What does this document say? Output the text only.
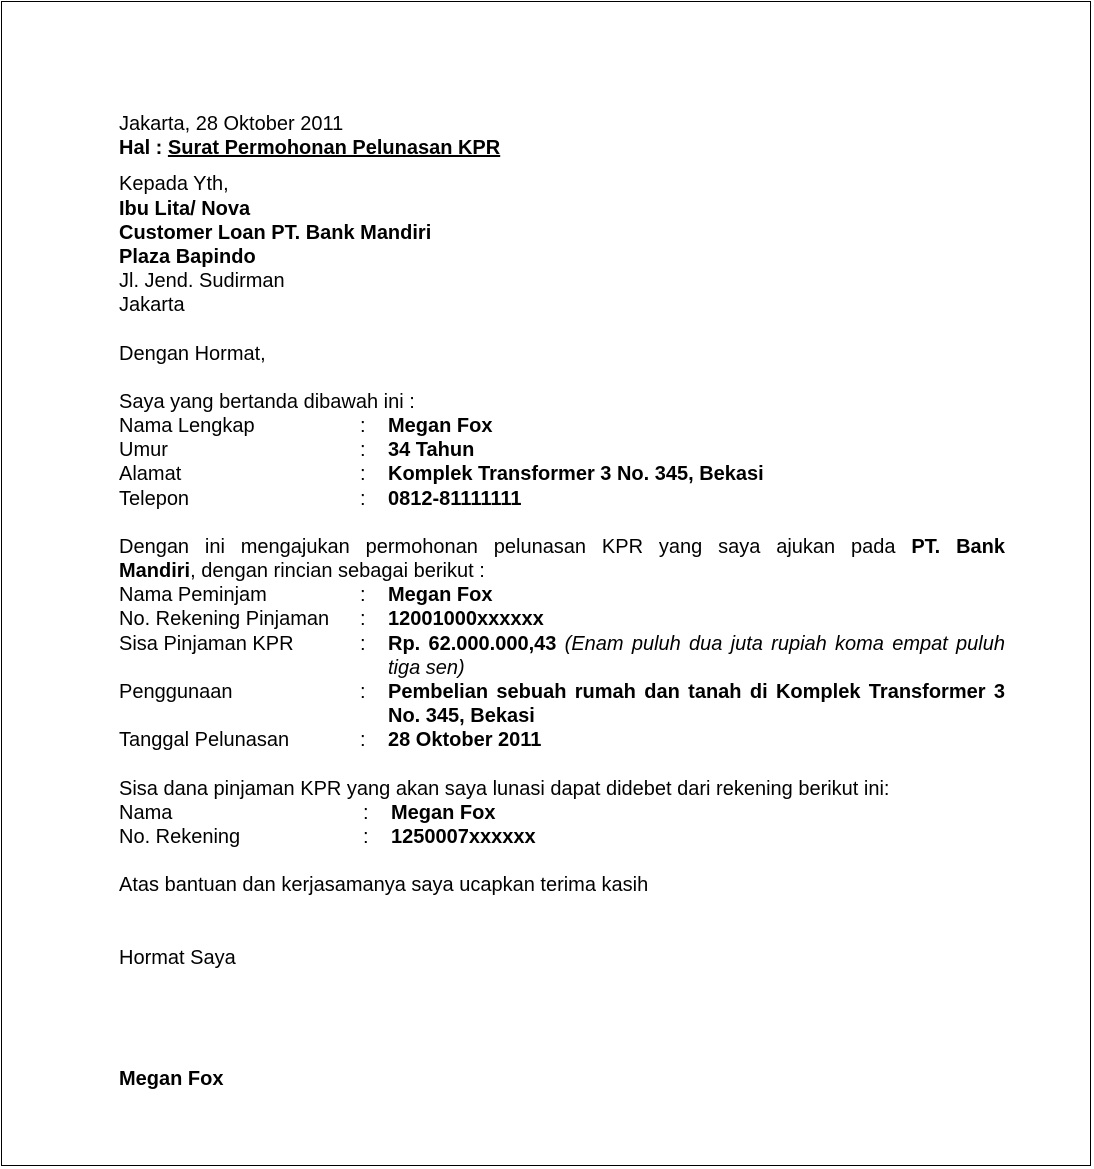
Jakarta, 28 Oktober 2011
Hal : Surat Permohonan Pelunasan KPR
Kepada Yth,
Ibu Lita/ Nova
Customer Loan PT. Bank Mandiri
Plaza Bapindo
Jl. Jend. Sudirman
Jakarta
Dengan Hormat,
Saya yang bertanda dibawah ini :
Nama Lengkap	:	Megan Fox
Umur	:	34 Tahun
Alamat	:	Komplek Transformer 3 No. 345, Bekasi
Telepon	:	0812-81111111
Dengan ini mengajukan permohonan pelunasan KPR yang saya ajukan pada PT. Bank
Mandiri, dengan rincian sebagai berikut :
Nama Peminjam	:	Megan Fox
No. Rekening Pinjaman	:	12001000xxxxxx
Sisa Pinjaman KPR	:	Rp. 62.000.000,43 (Enam puluh dua juta rupiah koma empat puluh tiga sen)
Penggunaan	:	Pembelian sebuah rumah dan tanah di Komplek Transformer 3 No. 345, Bekasi
Tanggal Pelunasan	:	28 Oktober 2011
Sisa dana pinjaman KPR yang akan saya lunasi dapat didebet dari rekening berikut ini:
Nama	:	Megan Fox
No. Rekening	:	1250007xxxxxx
Atas bantuan dan kerjasamanya saya ucapkan terima kasih
Hormat Saya
Megan Fox
